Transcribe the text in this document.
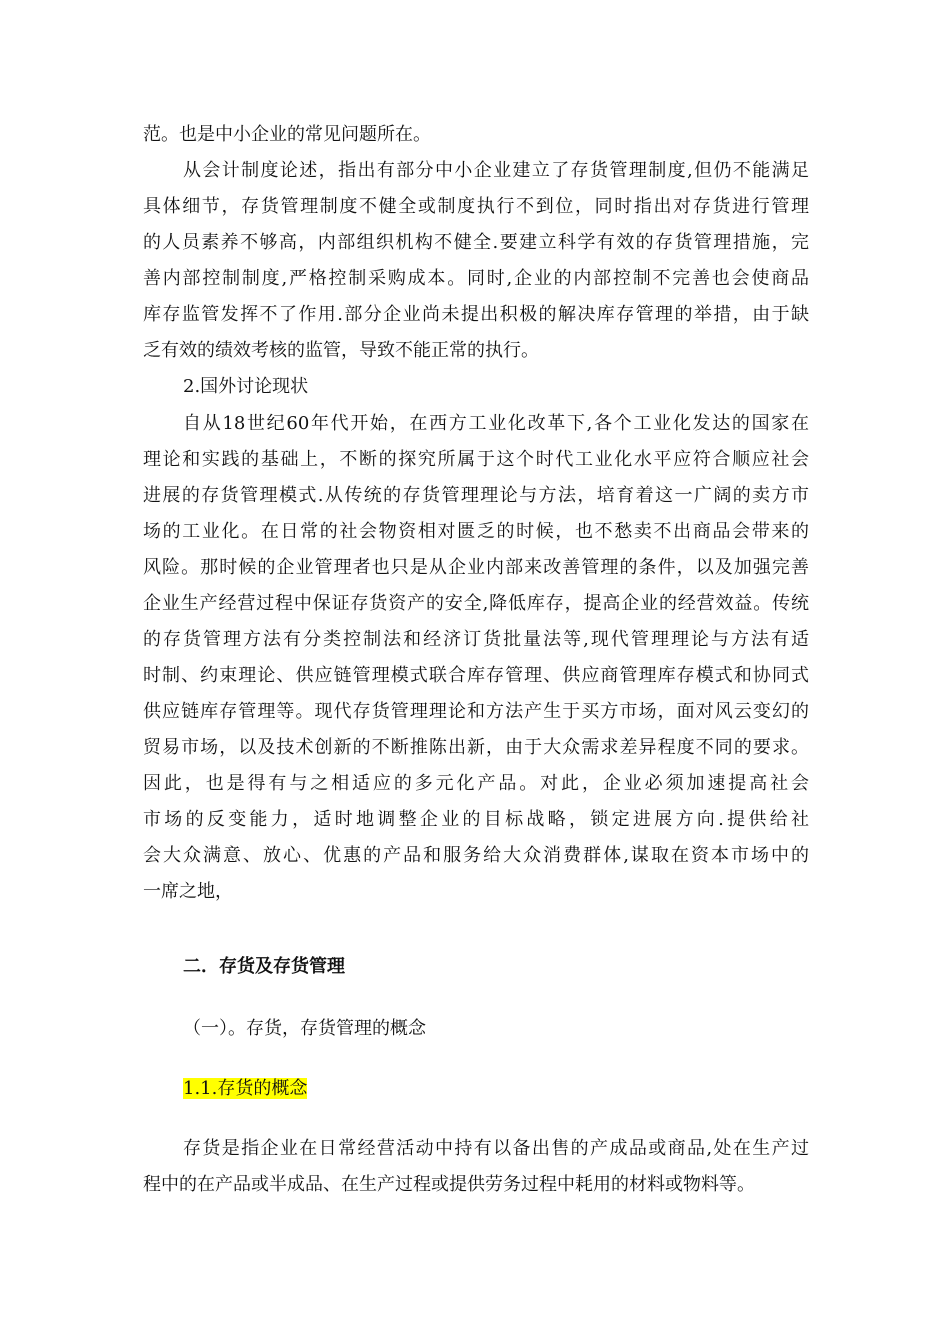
范。也是中小企业的常见问题所在。
从会计制度论述，指出有部分中小企业建立了存货管理制度,但仍不能满足
具体细节，存货管理制度不健全或制度执行不到位，同时指出对存货进行管理
的人员素养不够高，内部组织机构不健全.要建立科学有效的存货管理措施，完
善内部控制制度,严格控制采购成本。同时,企业的内部控制不完善也会使商品
库存监管发挥不了作用.部分企业尚未提出积极的解决库存管理的举措，由于缺
乏有效的绩效考核的监管，导致不能正常的执行。
2.国外讨论现状
自从18世纪60年代开始，在西方工业化改革下,各个工业化发达的国家在
理论和实践的基础上，不断的探究所属于这个时代工业化水平应符合顺应社会
进展的存货管理模式.从传统的存货管理理论与方法，培育着这一广阔的卖方市
场的工业化。在日常的社会物资相对匮乏的时候，也不愁卖不出商品会带来的
风险。那时候的企业管理者也只是从企业内部来改善管理的条件，以及加强完善
企业生产经营过程中保证存货资产的安全,降低库存，提高企业的经营效益。传统
的存货管理方法有分类控制法和经济订货批量法等,现代管理理论与方法有适
时制、约束理论、供应链管理模式联合库存管理、供应商管理库存模式和协同式
供应链库存管理等。现代存货管理理论和方法产生于买方市场，面对风云变幻的
贸易市场，以及技术创新的不断推陈出新，由于大众需求差异程度不同的要求。
因此，也是得有与之相适应的多元化产品。对此，企业必须加速提高社会
市场的反变能力，适时地调整企业的目标战略，锁定进展方向.提供给社
会大众满意、放心、优惠的产品和服务给大众消费群体,谋取在资本市场中的
一席之地，
二．存货及存货管理
（一）。存货，存货管理的概念
1.1.存货的概念
存货是指企业在日常经营活动中持有以备出售的产成品或商品,处在生产过
程中的在产品或半成品、在生产过程或提供劳务过程中耗用的材料或物料等。
